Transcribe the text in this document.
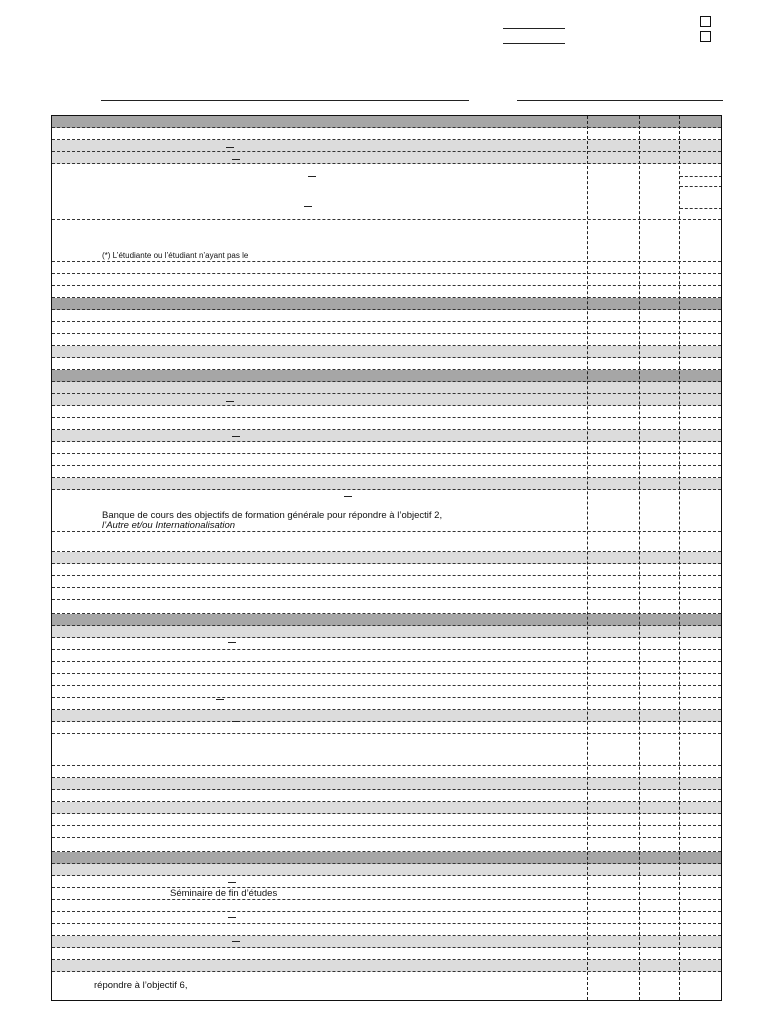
(*) L’étudiante ou l’étudiant n’ayant pas le
Banque de cours des objectifs de formation générale pour répondre à l’objectif 2,
l’Autre et/ou Internationalisation
Séminaire de fin d’études
répondre à l’objectif 6,
